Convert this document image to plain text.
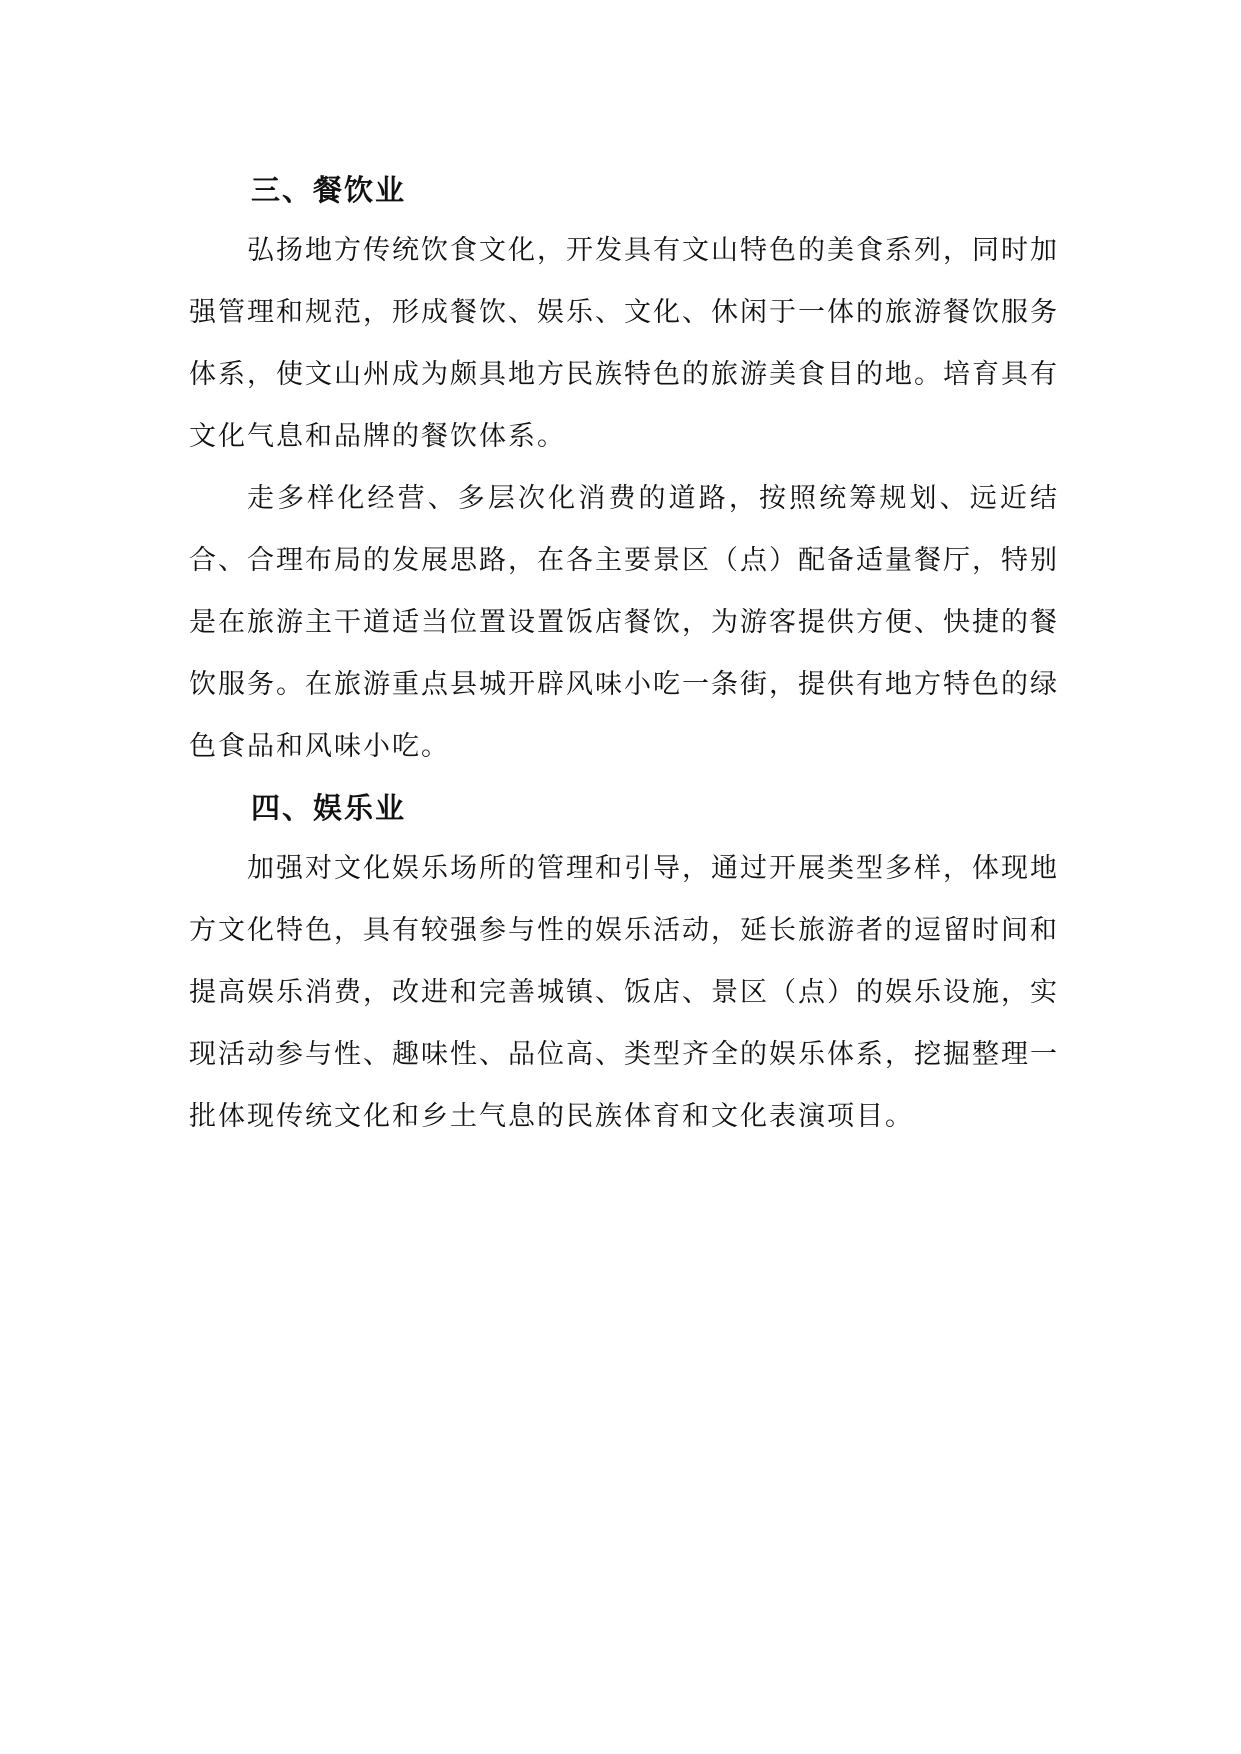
三、餐饮业

弘扬地方传统饮食文化，开发具有文山特色的美食系列，同时加强管理和规范，形成餐饮、娱乐、文化、休闲于一体的旅游餐饮服务体系，使文山州成为颇具地方民族特色的旅游美食目的地。培育具有文化气息和品牌的餐饮体系。

走多样化经营、多层次化消费的道路，按照统筹规划、远近结合、合理布局的发展思路，在各主要景区（点）配备适量餐厅，特别是在旅游主干道适当位置设置饭店餐饮，为游客提供方便、快捷的餐饮服务。在旅游重点县城开辟风味小吃一条街，提供有地方特色的绿色食品和风味小吃。

四、娱乐业

加强对文化娱乐场所的管理和引导，通过开展类型多样，体现地方文化特色，具有较强参与性的娱乐活动，延长旅游者的逗留时间和提高娱乐消费，改进和完善城镇、饭店、景区（点）的娱乐设施，实现活动参与性、趣味性、品位高、类型齐全的娱乐体系，挖掘整理一批体现传统文化和乡土气息的民族体育和文化表演项目。
